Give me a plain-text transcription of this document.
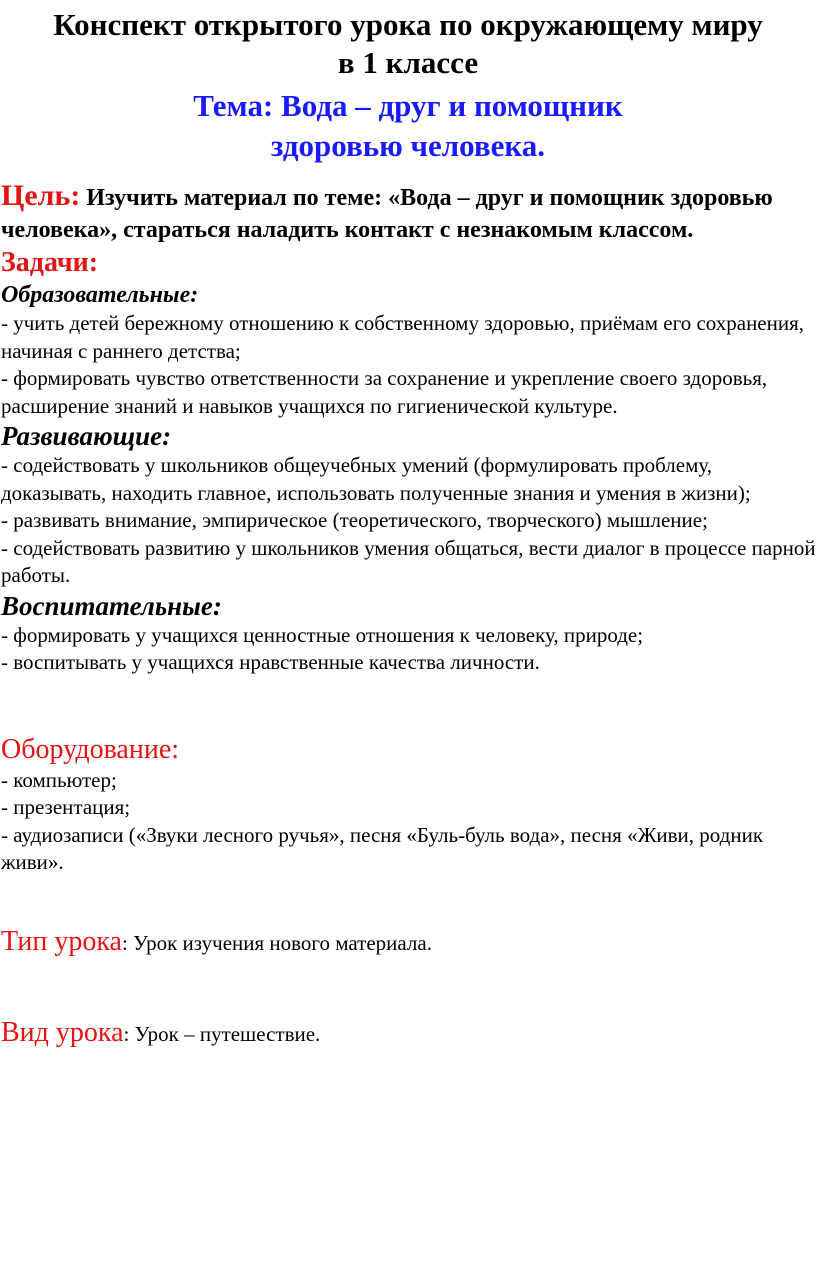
Конспект открытого урока по окружающему миру
в 1 классе
Тема: Вода – друг и помощник
здоровью человека.

Цель: Изучить материал по теме: «Вода – друг и помощник здоровью человека», стараться наладить контакт с незнакомым классом.

Задачи:
Образовательные:
- учить детей бережному отношению к собственному здоровью, приёмам его сохранения, начиная с раннего детства;
- формировать чувство ответственности за сохранение и укрепление своего здоровья, расширение знаний и навыков учащихся по гигиенической культуре.
Развивающие:
- содействовать у школьников общеучебных умений (формулировать проблему, доказывать, находить главное, использовать полученные знания и умения в жизни);
- развивать внимание, эмпирическое (теоретического, творческого) мышление;
- содействовать развитию у школьников умения общаться, вести диалог в процессе парной работы.
Воспитательные:
- формировать у учащихся ценностные отношения к человеку, природе;
- воспитывать у учащихся нравственные качества личности.
Оборудование:
- компьютер;
- презентация;
- аудиозаписи («Звуки лесного ручья», песня «Буль-буль вода», песня «Живи, родник живи».

Тип урока: Урок изучения нового материала.

Вид урока: Урок – путешествие.
